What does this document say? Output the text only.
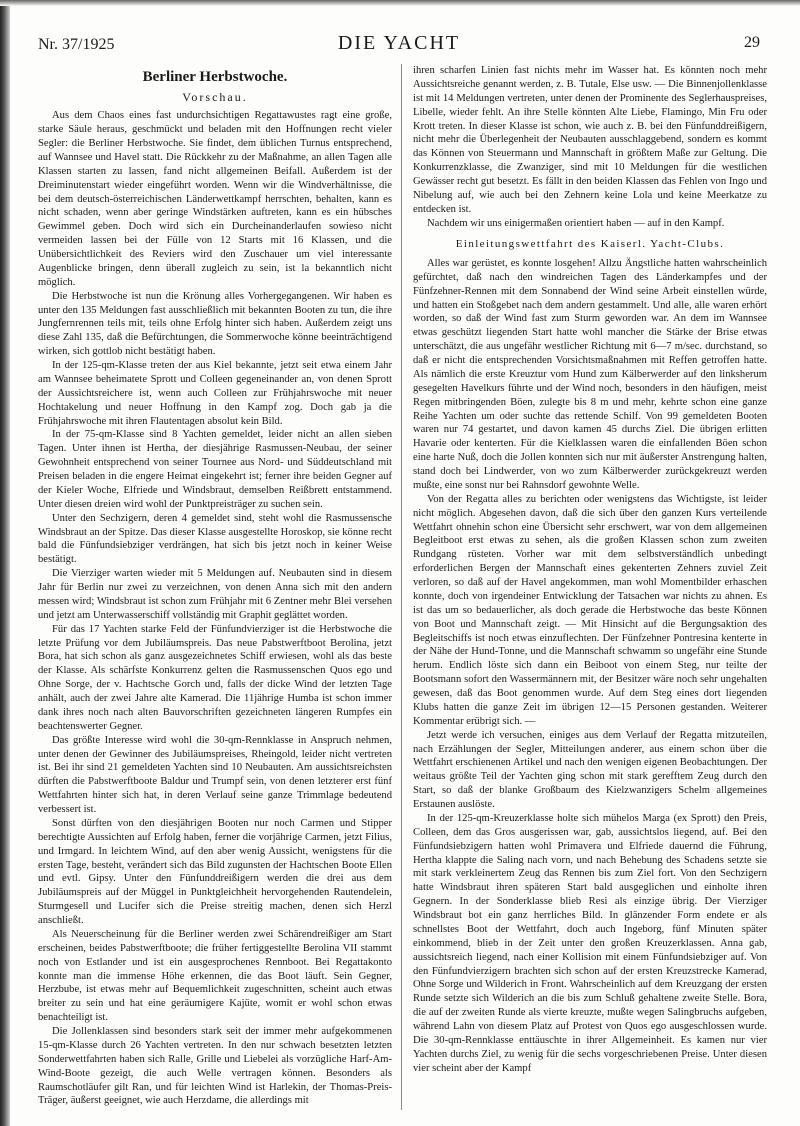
Nr. 37/1925	DIE YACHT	29
Berliner Herbstwoche.
Vorschau.

Aus dem Chaos eines fast undurchsichtigen Regattawustes ragt eine große, starke Säule heraus, geschmückt und beladen mit den Hoffnungen recht vieler Segler: die Berliner Herbstwoche. Sie findet, dem üblichen Turnus entsprechend, auf Wannsee und Havel statt. Die Rückkehr zu der Maßnahme, an allen Tagen alle Klassen starten zu lassen, fand nicht allgemeinen Beifall. Außerdem ist der Dreiminutenstart wieder eingeführt worden. Wenn wir die Windverhältnisse, die bei dem deutsch-österreichischen Länderwettkampf herrschten, behalten, kann es nicht schaden, wenn aber geringe Windstärken auftreten, kann es ein hübsches Gewimmel geben. Doch wird sich ein Durcheinanderlaufen sowieso nicht vermeiden lassen bei der Fülle von 12 Starts mit 16 Klassen, und die Unübersichtlichkeit des Reviers wird den Zuschauer um viel interessante Augenblicke bringen, denn überall zugleich zu sein, ist la bekanntlich nicht möglich.

Die Herbstwoche ist nun die Krönung alles Vorhergegangenen. Wir haben es unter den 135 Meldungen fast ausschließlich mit bekannten Booten zu tun, die ihre Jungfernrennen teils mit, teils ohne Erfolg hinter sich haben. Außerdem zeigt uns diese Zahl 135, daß die Befürchtungen, die Sommerwoche könne beeinträchtigend wirken, sich gottlob nicht bestätigt haben.

In der 125-qm-Klasse treten der aus Kiel bekannte, jetzt seit etwa einem Jahr am Wannsee beheimatete Sprott und Colleen gegeneinander an, von denen Sprott der Aussichtsreichere ist, wenn auch Colleen zur Frühjahrswoche mit neuer Hochtakelung und neuer Hoffnung in den Kampf zog. Doch gab ja die Frühjahrswoche mit ihren Flautentagen absolut kein Bild.

In der 75-qm-Klasse sind 8 Yachten gemeldet, leider nicht an allen sieben Tagen. Unter ihnen ist Hertha, der diesjährige Rasmussen-Neubau, der seiner Gewohnheit entsprechend von seiner Tournee aus Nord- und Süddeutschland mit Preisen beladen in die engere Heimat eingekehrt ist; ferner ihre beiden Gegner auf der Kieler Woche, Elfriede und Windsbraut, demselben Reißbrett entstammend. Unter diesen dreien wird wohl der Punktpreisträger zu suchen sein.

Unter den Sechzigern, deren 4 gemeldet sind, steht wohl die Rasmussensche Windsbraut an der Spitze. Das dieser Klasse ausgestellte Horoskop, sie könne recht bald die Fünfundsiebziger verdrängen, hat sich bis jetzt noch in keiner Weise bestätigt.

Die Vierziger warten wieder mit 5 Meldungen auf. Neubauten sind in diesem Jahr für Berlin nur zwei zu verzeichnen, von denen Anna sich mit den andern messen wird; Windsbraut ist schon zum Frühjahr mit 6 Zentner mehr Blei versehen und jetzt am Unterwasserschiff vollständig mit Graphit geglättet worden.

Für das 17 Yachten starke Feld der Fünfundvierziger ist die Herbstwoche die letzte Prüfung vor dem Jubiläumspreis. Das neue Pabstwerftboot Berolina, jetzt Bora, hat sich schon als ganz ausgezeichnetes Schiff erwiesen, wohl als das beste der Klasse. Als schärfste Konkurrenz gelten die Rasmussenschen Quos ego und Ohne Sorge, der v. Hachtsche Gorch und, falls der dicke Wind der letzten Tage anhält, auch der zwei Jahre alte Kamerad. Die 11jährige Humba ist schon immer dank ihres noch nach alten Bauvorschriften gezeichneten längeren Rumpfes ein beachtenswerter Gegner.

Das größte Interesse wird wohl die 30-qm-Rennklasse in Anspruch nehmen, unter denen der Gewinner des Jubiläumspreises, Rheingold, leider nicht vertreten ist. Bei ihr sind 21 gemeldeten Yachten sind 10 Neubauten. Am aussichtsreichsten dürften die Pabstwerftboote Baldur und Trumpf sein, von denen letzterer erst fünf Wettfahrten hinter sich hat, in deren Verlauf seine ganze Trimmlage bedeutend verbessert ist.

Sonst dürften von den diesjährigen Booten nur noch Carmen und Stipper berechtigte Aussichten auf Erfolg haben, ferner die vorjährige Carmen, jetzt Filius, und Irmgard. In leichtem Wind, auf den aber wenig Aussicht, wenigstens für die ersten Tage, besteht, verändert sich das Bild zugunsten der Hachtschen Boote Ellen und evtl. Gipsy. Unter den Fünfunddreißigern werden die drei aus dem Jubiläumspreis auf der Müggel in Punktgleichheit hervorgehenden Rautendelein, Sturmgesell und Lucifer sich die Preise streitig machen, denen sich Herzl anschließt.

Als Neuerscheinung für die Berliner werden zwei Schärendreißiger am Start erscheinen, beides Pabstwerftboote; die früher fertiggestellte Berolina VII stammt noch von Estlander und ist ein ausgesprochenes Rennboot. Bei Regattakonto konnte man die immense Höhe erkennen, die das Boot läuft. Sein Gegner, Herzbube, ist etwas mehr auf Bequemlichkeit zugeschnitten, scheint auch etwas breiter zu sein und hat eine geräumigere Kajüte, womit er wohl schon etwas benachteiligt ist.

Die Jollenklassen sind besonders stark seit der immer mehr aufgekommenen 15-qm-Klasse durch 26 Yachten vertreten. In den nur schwach besetzten letzten Sonderwettfahrten haben sich Ralle, Grille und Liebelei als vorzügliche Harf-Am-Wind-Boote gezeigt, die auch Welle vertragen können. Besonders als Raumschotläufer gilt Ran, und für leichten Wind ist Harlekin, der Thomas-Preis-Träger, äußerst geeignet, wie auch Herzdame, die allerdings mit

ihren scharfen Linien fast nichts mehr im Wasser hat. Es könnten noch mehr Aussichtsreiche genannt werden, z. B. Tutale, Else usw. — Die Binnenjollenklasse ist mit 14 Meldungen vertreten, unter denen der Prominente des Seglerhauspreises, Libelle, wieder fehlt. An ihre Stelle könnten Alte Liebe, Flamingo, Min Fru oder Krott treten. In dieser Klasse ist schon, wie auch z. B. bei den Fünfunddreißigern, nicht mehr die Überlegenheit der Neubauten ausschlaggebend, sondern es kommt das Können von Steuermann und Mannschaft in größtem Maße zur Geltung. Die Konkurrenzklasse, die Zwanziger, sind mit 10 Meldungen für die westlichen Gewässer recht gut besetzt. Es fällt in den beiden Klassen das Fehlen von Ingo und Nibelung auf, wie auch bei den Zehnern keine Lola und keine Meerkatze zu entdecken ist.

Nachdem wir uns einigermaßen orientiert haben — auf in den Kampf.

Einleitungswettfahrt des Kaiserl. Yacht-Clubs.

Alles war gerüstet, es konnte losgehen! Allzu Ängstliche hatten wahrscheinlich gefürchtet, daß nach den windreichen Tagen des Länderkampfes und der Fünfzehner-Rennen mit dem Sonnabend der Wind seine Arbeit einstellen würde, und hatten ein Stoßgebet nach dem andern gestammelt. Und alle, alle waren erhört worden, so daß der Wind fast zum Sturm geworden war. An dem im Wannsee etwas geschützt liegenden Start hatte wohl mancher die Stärke der Brise etwas unterschätzt, die aus ungefähr westlicher Richtung mit 6—7 m/sec. durchstand, so daß er nicht die entsprechenden Vorsichtsmaßnahmen mit Reffen getroffen hatte. Als nämlich die erste Kreuztur vom Hund zum Kälberwerder auf den linksherum gesegelten Havelkurs führte und der Wind noch, besonders in den häufigen, meist Regen mitbringenden Böen, zulegte bis 8 m und mehr, kehrte schon eine ganze Reihe Yachten um oder suchte das rettende Schilf. Von 99 gemeldeten Booten waren nur 74 gestartet, und davon kamen 45 durchs Ziel. Die übrigen erlitten Havarie oder kenterten. Für die Kielklassen waren die einfallenden Böen schon eine harte Nuß, doch die Jollen konnten sich nur mit äußerster Anstrengung halten, stand doch bei Lindwerder, von wo zum Kälberwerder zurückgekreuzt werden mußte, eine sonst nur bei Rahnsdorf gewohnte Welle.

Von der Regatta alles zu berichten oder wenigstens das Wichtigste, ist leider nicht möglich. Abgesehen davon, daß die sich über den ganzen Kurs verteilende Wettfahrt ohnehin schon eine Übersicht sehr erschwert, war von dem allgemeinen Begleitboot erst etwas zu sehen, als die großen Klassen schon zum zweiten Rundgang rüsteten. Vorher war mit dem selbstverständlich unbedingt erforderlichen Bergen der Mannschaft eines gekenterten Zehners zuviel Zeit verloren, so daß auf der Havel angekommen, man wohl Momentbilder erhaschen konnte, doch von irgendeiner Entwicklung der Tatsachen war nichts zu ahnen. Es ist das um so bedauerlicher, als doch gerade die Herbstwoche das beste Können von Boot und Mannschaft zeigt. — Mit Hinsicht auf die Bergungsaktion des Begleitschiffs ist noch etwas einzuflechten. Der Fünfzehner Pontresina kenterte in der Nähe der Hund-Tonne, und die Mannschaft schwamm so ungefähr eine Stunde herum. Endlich löste sich dann ein Beiboot von einem Steg, nur teilte der Bootsmann sofort den Wassermännern mit, der Besitzer wäre noch sehr ungehalten gewesen, daß das Boot genommen wurde. Auf dem Steg eines dort liegenden Klubs hatten die ganze Zeit im übrigen 12—15 Personen gestanden. Weiterer Kommentar erübrigt sich. —

Jetzt werde ich versuchen, einiges aus dem Verlauf der Regatta mitzuteilen, nach Erzählungen der Segler, Mitteilungen anderer, aus einem schon über die Wettfahrt erschienenen Artikel und nach den wenigen eigenen Beobachtungen. Der weitaus größte Teil der Yachten ging schon mit stark gerefftem Zeug durch den Start, so daß der blanke Großbaum des Kielzwanzigers Schelm allgemeines Erstaunen auslöste.

In der 125-qm-Kreuzerklasse holte sich mühelos Marga (ex Sprott) den Preis, Colleen, dem das Gros ausgerissen war, gab, aussichtslos liegend, auf. Bei den Fünfundsiebzigern hatten wohl Primavera und Elfriede dauernd die Führung, Hertha klappte die Saling nach vorn, und nach Behebung des Schadens setzte sie mit stark verkleinertem Zeug das Rennen bis zum Ziel fort. Von den Sechzigern hatte Windsbraut ihren späteren Start bald ausgeglichen und einholte ihren Gegnern. In der Sonderklasse blieb Resi als einzige übrig. Der Vierziger Windsbraut bot ein ganz herrliches Bild. In glänzender Form endete er als schnellstes Boot der Wettfahrt, doch auch Ingeborg, fünf Minuten später einkommend, blieb in der Zeit unter den großen Kreuzerklassen. Anna gab, aussichtsreich liegend, nach einer Kollision mit einem Fünfundsiebziger auf. Von den Fünfundvierzigern brachten sich schon auf der ersten Kreuzstrecke Kamerad, Ohne Sorge und Wilderich in Front. Wahrscheinlich auf dem Kreuzgang der ersten Runde setzte sich Wilderich an die bis zum Schluß gehaltene zweite Stelle. Bora, die auf der zweiten Runde als vierte kreuzte, mußte wegen Salingbruchs aufgeben, während Lahn von diesem Platz auf Protest von Quos ego ausgeschlossen wurde. Die 30-qm-Rennklasse enttäuschte in ihrer Allgemeinheit. Es kamen nur vier Yachten durchs Ziel, zu wenig für die sechs vorgeschriebenen Preise. Unter diesen vier scheint aber der Kampf
